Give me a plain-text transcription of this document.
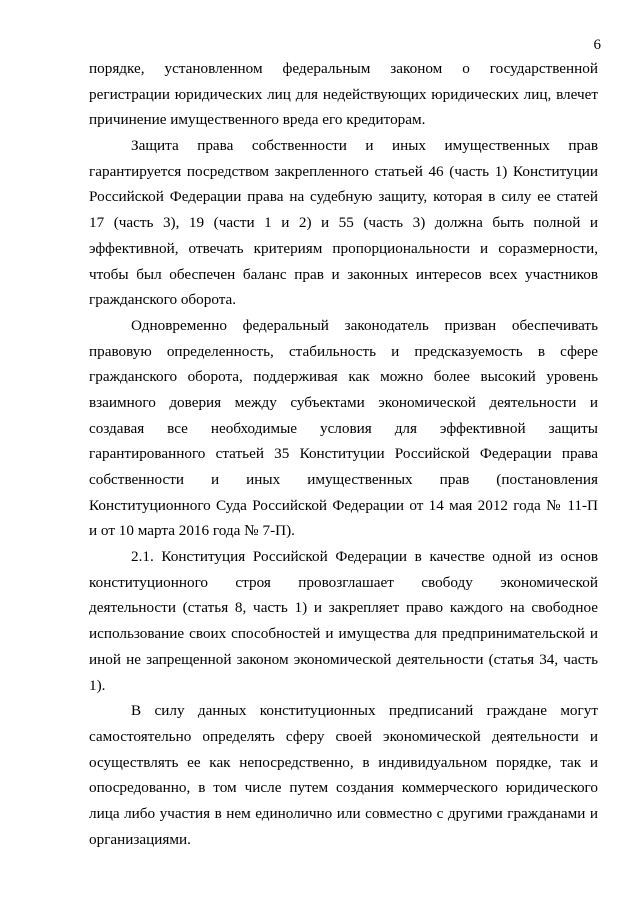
6
порядке, установленном федеральным законом о государственной
регистрации юридических лиц для недействующих юридических лиц, влечет
причинение имущественного вреда его кредиторам.
Защита права собственности и иных имущественных прав
гарантируется посредством закрепленного статьей 46 (часть 1) Конституции
Российской Федерации права на судебную защиту, которая в силу ее статей
17 (часть 3), 19 (части 1 и 2) и 55 (часть 3) должна быть полной и
эффективной, отвечать критериям пропорциональности и соразмерности,
чтобы был обеспечен баланс прав и законных интересов всех участников
гражданского оборота.
Одновременно федеральный законодатель призван обеспечивать
правовую определенность, стабильность и предсказуемость в сфере
гражданского оборота, поддерживая как можно более высокий уровень
взаимного доверия между субъектами экономической деятельности и
создавая все необходимые условия для эффективной защиты
гарантированного статьей 35 Конституции Российской Федерации права
собственности и иных имущественных прав (постановления
Конституционного Суда Российской Федерации от 14 мая 2012 года № 11-П
и от 10 марта 2016 года № 7-П).
2.1. Конституция Российской Федерации в качестве одной из основ
конституционного строя провозглашает свободу экономической
деятельности (статья 8, часть 1) и закрепляет право каждого на свободное
использование своих способностей и имущества для предпринимательской и
иной не запрещенной законом экономической деятельности (статья 34, часть
1).
В силу данных конституционных предписаний граждане могут
самостоятельно определять сферу своей экономической деятельности и
осуществлять ее как непосредственно, в индивидуальном порядке, так и
опосредованно, в том числе путем создания коммерческого юридического
лица либо участия в нем единолично или совместно с другими гражданами и
организациями.
